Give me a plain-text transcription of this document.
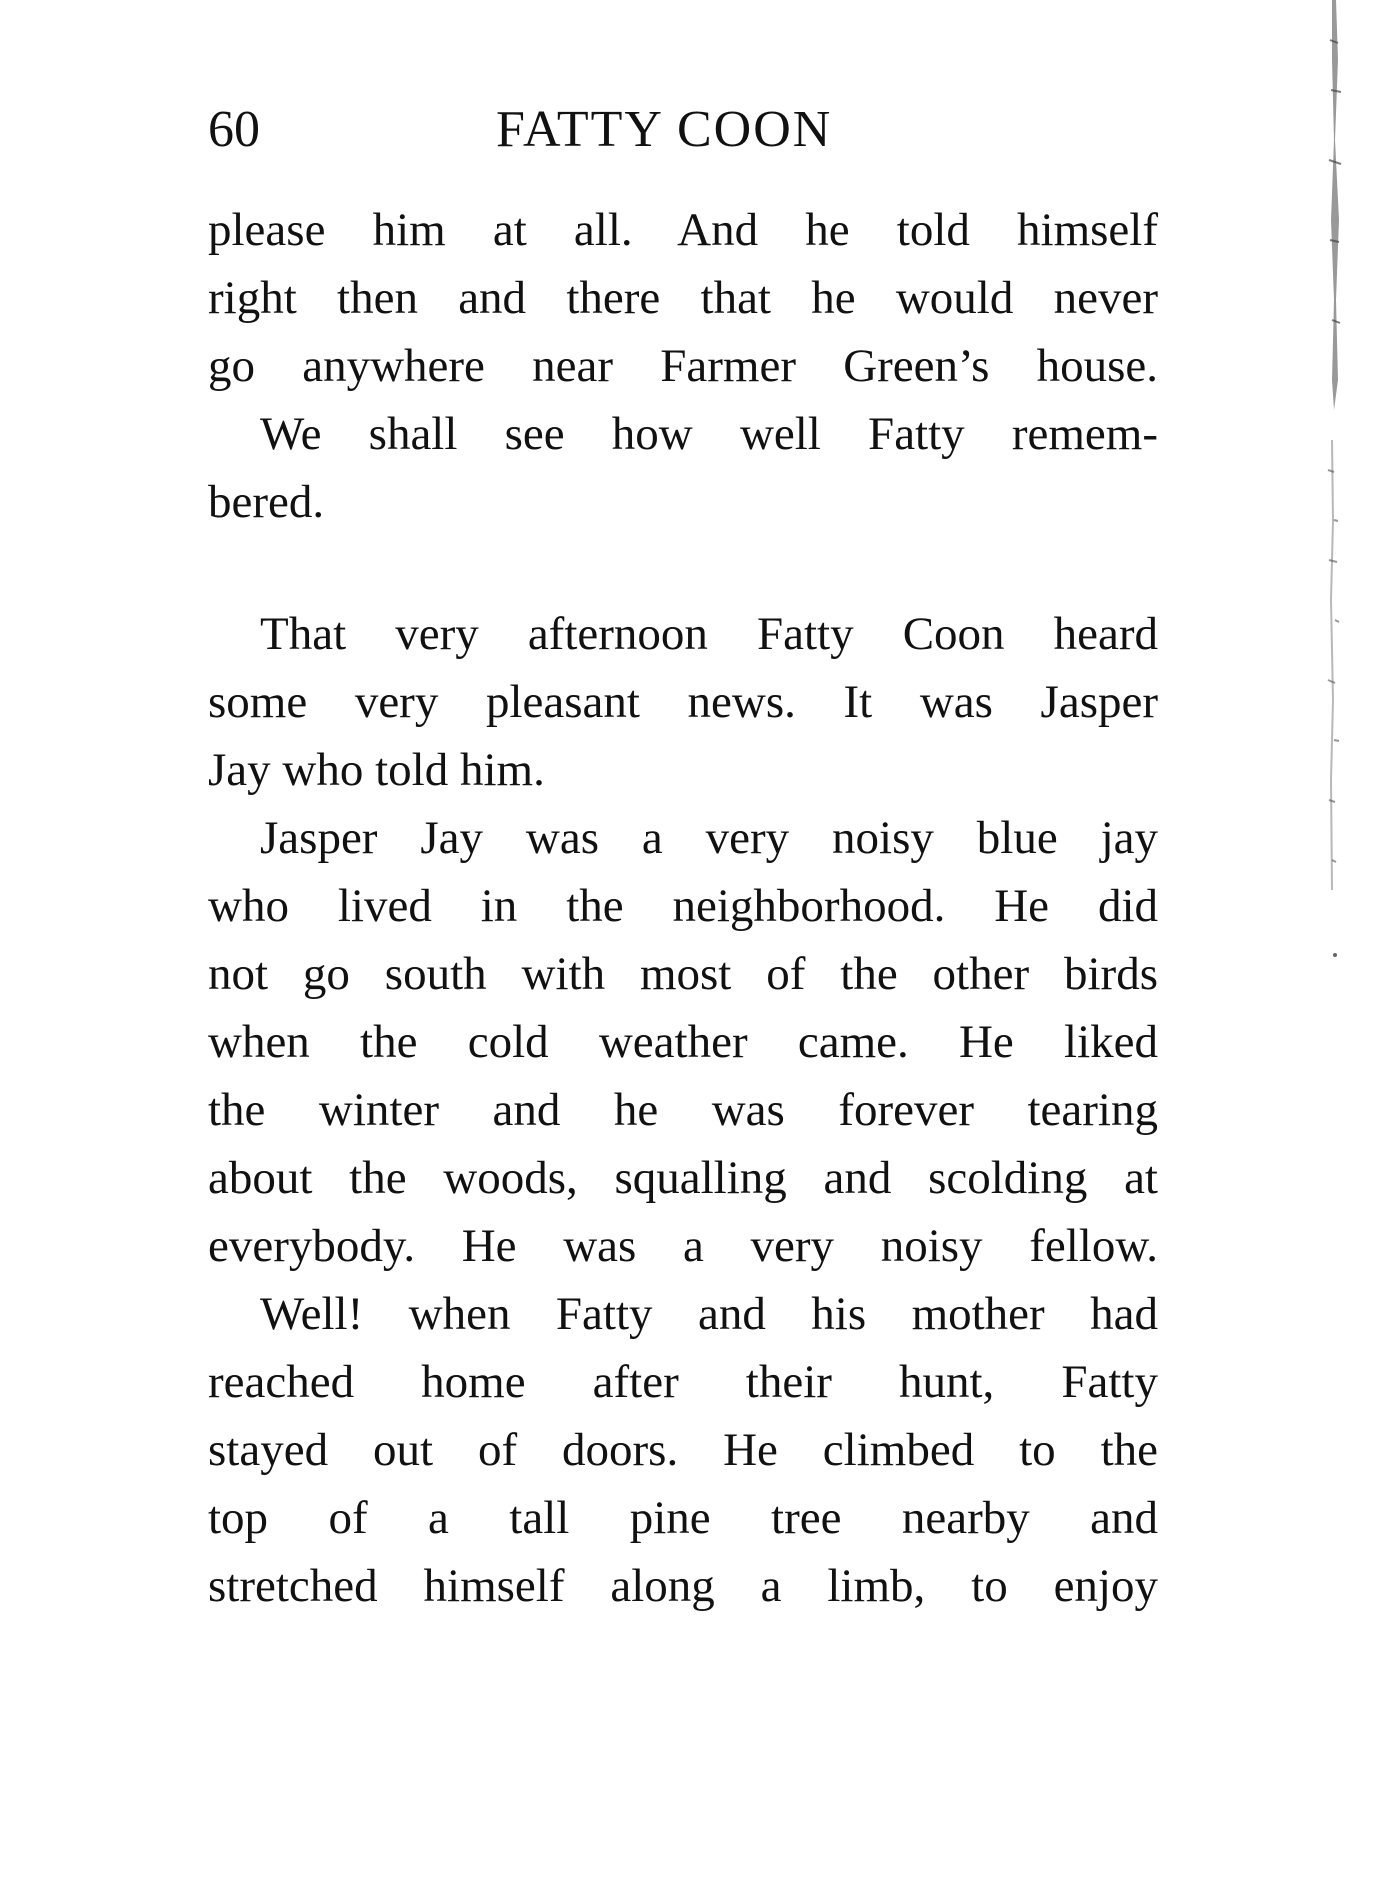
60	FATTY COON

please him at all. And he told himself
right then and there that he would never
go anywhere near Farmer Green’s house.

We shall see how well Fatty remem-
bered.

That very afternoon Fatty Coon heard
some very pleasant news. It was Jasper
Jay who told him.

Jasper Jay was a very noisy blue jay
who lived in the neighborhood. He did
not go south with most of the other birds
when the cold weather came. He liked
the winter and he was forever tearing
about the woods, squalling and scolding at
everybody. He was a very noisy fellow.

Well! when Fatty and his mother had
reached home after their hunt, Fatty
stayed out of doors. He climbed to the
top of a tall pine tree nearby and
stretched himself along a limb, to enjoy
